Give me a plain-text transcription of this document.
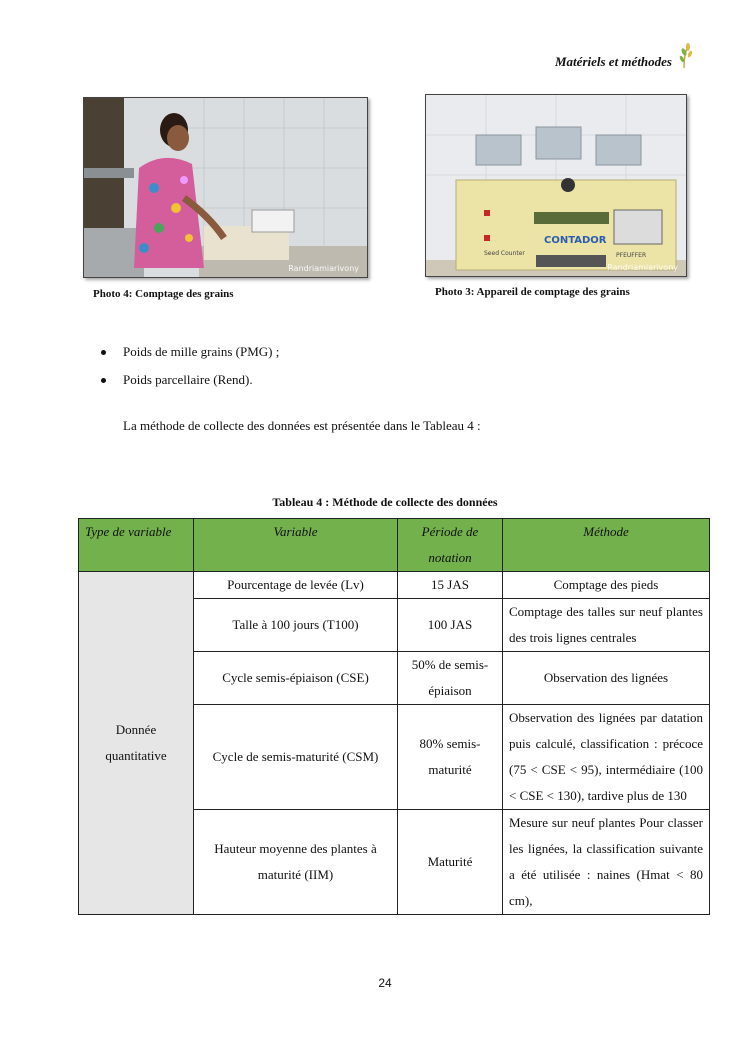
Matériels et méthodes
Randriamiarivony
Photo 4: Comptage des grains
CONTADOR
PFEUFFER
Seed Counter
Randriamiarivony
Photo 3: Appareil de comptage des grains
Poids de mille grains (PMG) ;
Poids parcellaire (Rend).
La méthode de collecte des données est présentée dans le Tableau 4 :
Tableau 4 : Méthode de collecte des données
Type de variable	Variable	Période de notation	Méthode
Donnée
quantitative	Pourcentage de levée (Lv)	15 JAS	Comptage des pieds
	Talle à 100 jours (T100)	100 JAS	Comptage des talles sur neuf plantes des trois lignes centrales
	Cycle semis-épiaison (CSE)	50% de semis-épiaison	Observation des lignées
	Cycle de semis-maturité (CSM)	80% semis-maturité	Observation des lignées par datation puis calculé, classification : précoce (75 < CSE < 95), intermédiaire (100 < CSE < 130), tardive plus de 130
	Hauteur moyenne des plantes à maturité (IIM)	Maturité	Mesure sur neuf plantes Pour classer les lignées, la classification suivante a été utilisée : naines (Hmat < 80 cm),
24
